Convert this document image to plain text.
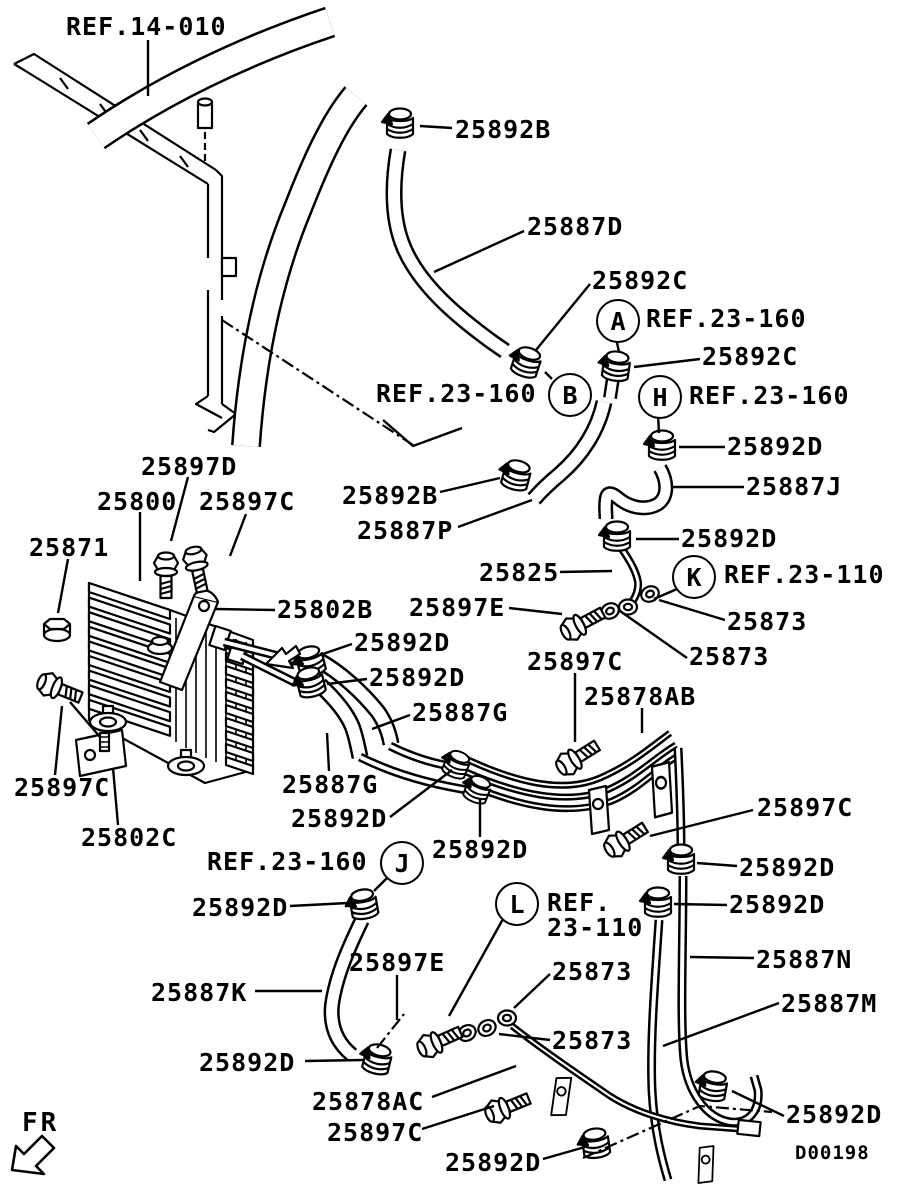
REF.14-010
25892B
25887D
25892C
REF.23-160
25892C
REF.23-160	REF.23-160
25892D
25887J
25897D
25800 25897C 25892B
25887P	25892D
25871
25825	REF.23-110
25802B 25897E	25873
25892D	25873
25897C
25892D
25878AB
25887G
25887G
25897C
25897C
25892D
25802C	25892D
REF.23-160	25892D
25892D	25892D
REF.
23-110
25887N
25897E	25873
25887K	25887M
25873
25892D
25878AC
25897C
25892D
25892D
A
B	H
K
J
L
D00198
FR
